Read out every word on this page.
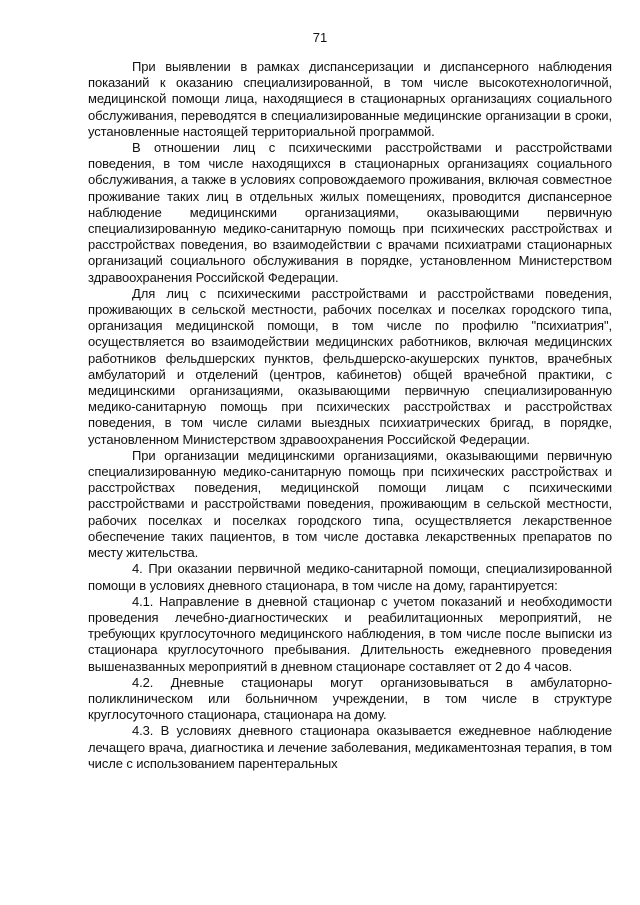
71

При выявлении в рамках диспансеризации и диспансерного наблюдения показаний к оказанию специализированной, в том числе высокотехнологичной, медицинской помощи лица, находящиеся в стационарных организациях социального обслуживания, переводятся в специализированные медицинские организации в сроки, установленные настоящей территориальной программой.

В отношении лиц с психическими расстройствами и расстройствами поведения, в том числе находящихся в стационарных организациях социального обслуживания, а также в условиях сопровождаемого проживания, включая совместное проживание таких лиц в отдельных жилых помещениях, проводится диспансерное наблюдение медицинскими организациями, оказывающими первичную специализированную медико-санитарную помощь при психических расстройствах и расстройствах поведения, во взаимодействии с врачами психиатрами стационарных организаций социального обслуживания в порядке, установленном Министерством здравоохранения Российской Федерации.

Для лиц с психическими расстройствами и расстройствами поведения, проживающих в сельской местности, рабочих поселках и поселках городского типа, организация медицинской помощи, в том числе по профилю "психиатрия", осуществляется во взаимодействии медицинских работников, включая медицинских работников фельдшерских пунктов, фельдшерско-акушерских пунктов, врачебных амбулаторий и отделений (центров, кабинетов) общей врачебной практики, с медицинскими организациями, оказывающими первичную специализированную медико-санитарную помощь при психических расстройствах и расстройствах поведения, в том числе силами выездных психиатрических бригад, в порядке, установленном Министерством здравоохранения Российской Федерации.

При организации медицинскими организациями, оказывающими первичную специализированную медико-санитарную помощь при психических расстройствах и расстройствах поведения, медицинской помощи лицам с психическими расстройствами и расстройствами поведения, проживающим в сельской местности, рабочих поселках и поселках городского типа, осуществляется лекарственное обеспечение таких пациентов, в том числе доставка лекарственных препаратов по месту жительства.

4. При оказании первичной медико-санитарной помощи, специализированной помощи в условиях дневного стационара, в том числе на дому, гарантируется:

4.1. Направление в дневной стационар с учетом показаний и необходимости проведения лечебно-диагностических и реабилитационных мероприятий, не требующих круглосуточного медицинского наблюдения, в том числе после выписки из стационара круглосуточного пребывания. Длительность ежедневного проведения вышеназванных мероприятий в дневном стационаре составляет от 2 до 4 часов.

4.2. Дневные стационары могут организовываться в амбулаторно-поликлиническом или больничном учреждении, в том числе в структуре круглосуточного стационара, стационара на дому.

4.3. В условиях дневного стационара оказывается ежедневное наблюдение лечащего врача, диагностика и лечение заболевания, медикаментозная терапия, в том числе с использованием парентеральных
